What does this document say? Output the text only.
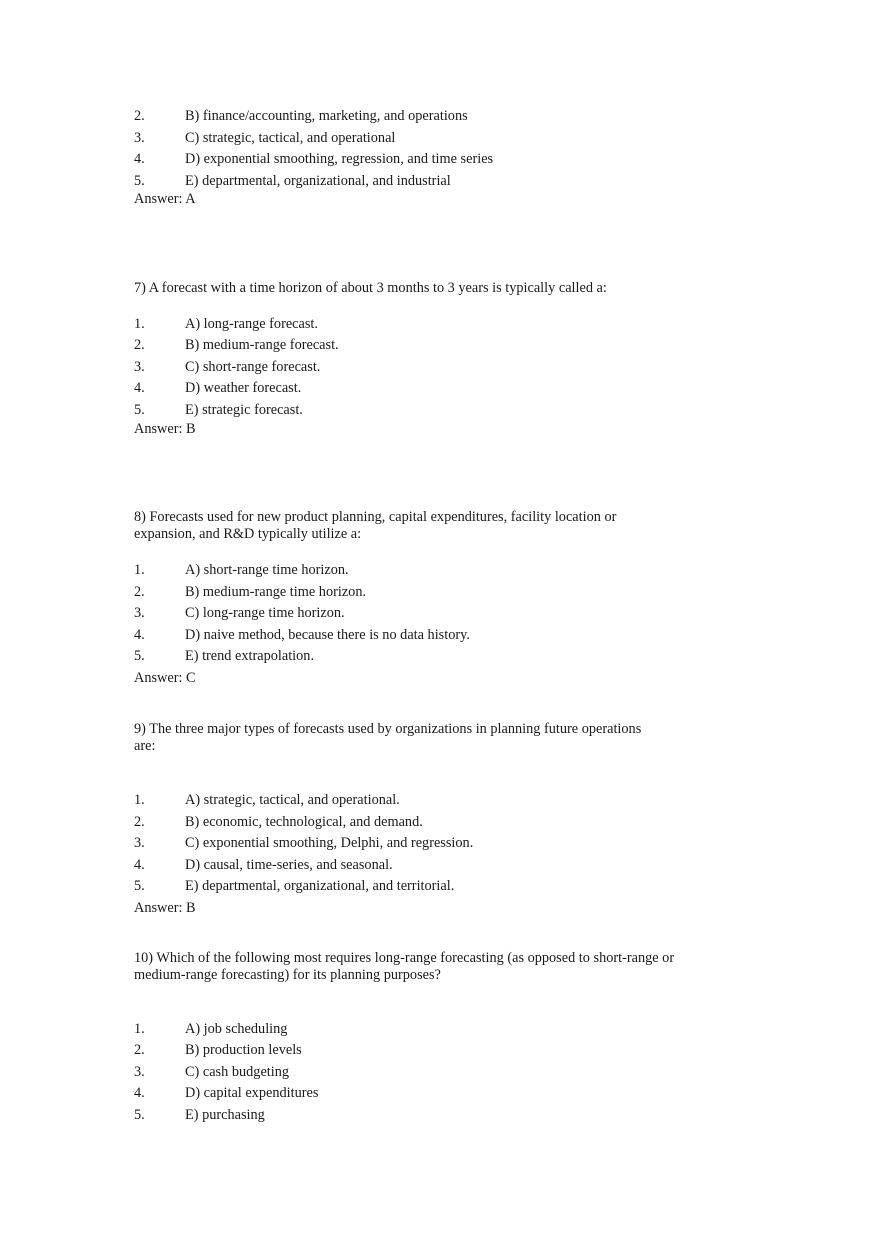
2.	B) finance/accounting, marketing, and operations
3.	C) strategic, tactical, and operational
4.	D) exponential smoothing, regression, and time series
5.	E) departmental, organizational, and industrial
Answer: A
7) A forecast with a time horizon of about 3 months to 3 years is typically called a:
1.	A) long-range forecast.
2.	B) medium-range forecast.
3.	C) short-range forecast.
4.	D) weather forecast.
5.	E) strategic forecast.
Answer: B
8) Forecasts used for new product planning, capital expenditures, facility location or
expansion, and R&D typically utilize a:
1.	A) short-range time horizon.
2.	B) medium-range time horizon.
3.	C) long-range time horizon.
4.	D) naive method, because there is no data history.
5.	E) trend extrapolation.
Answer: C
9) The three major types of forecasts used by organizations in planning future operations
are:
1.	A) strategic, tactical, and operational.
2.	B) economic, technological, and demand.
3.	C) exponential smoothing, Delphi, and regression.
4.	D) causal, time-series, and seasonal.
5.	E) departmental, organizational, and territorial.
Answer: B
10) Which of the following most requires long-range forecasting (as opposed to short-range or
medium-range forecasting) for its planning purposes?
1.	A) job scheduling
2.	B) production levels
3.	C) cash budgeting
4.	D) capital expenditures
5.	E) purchasing
